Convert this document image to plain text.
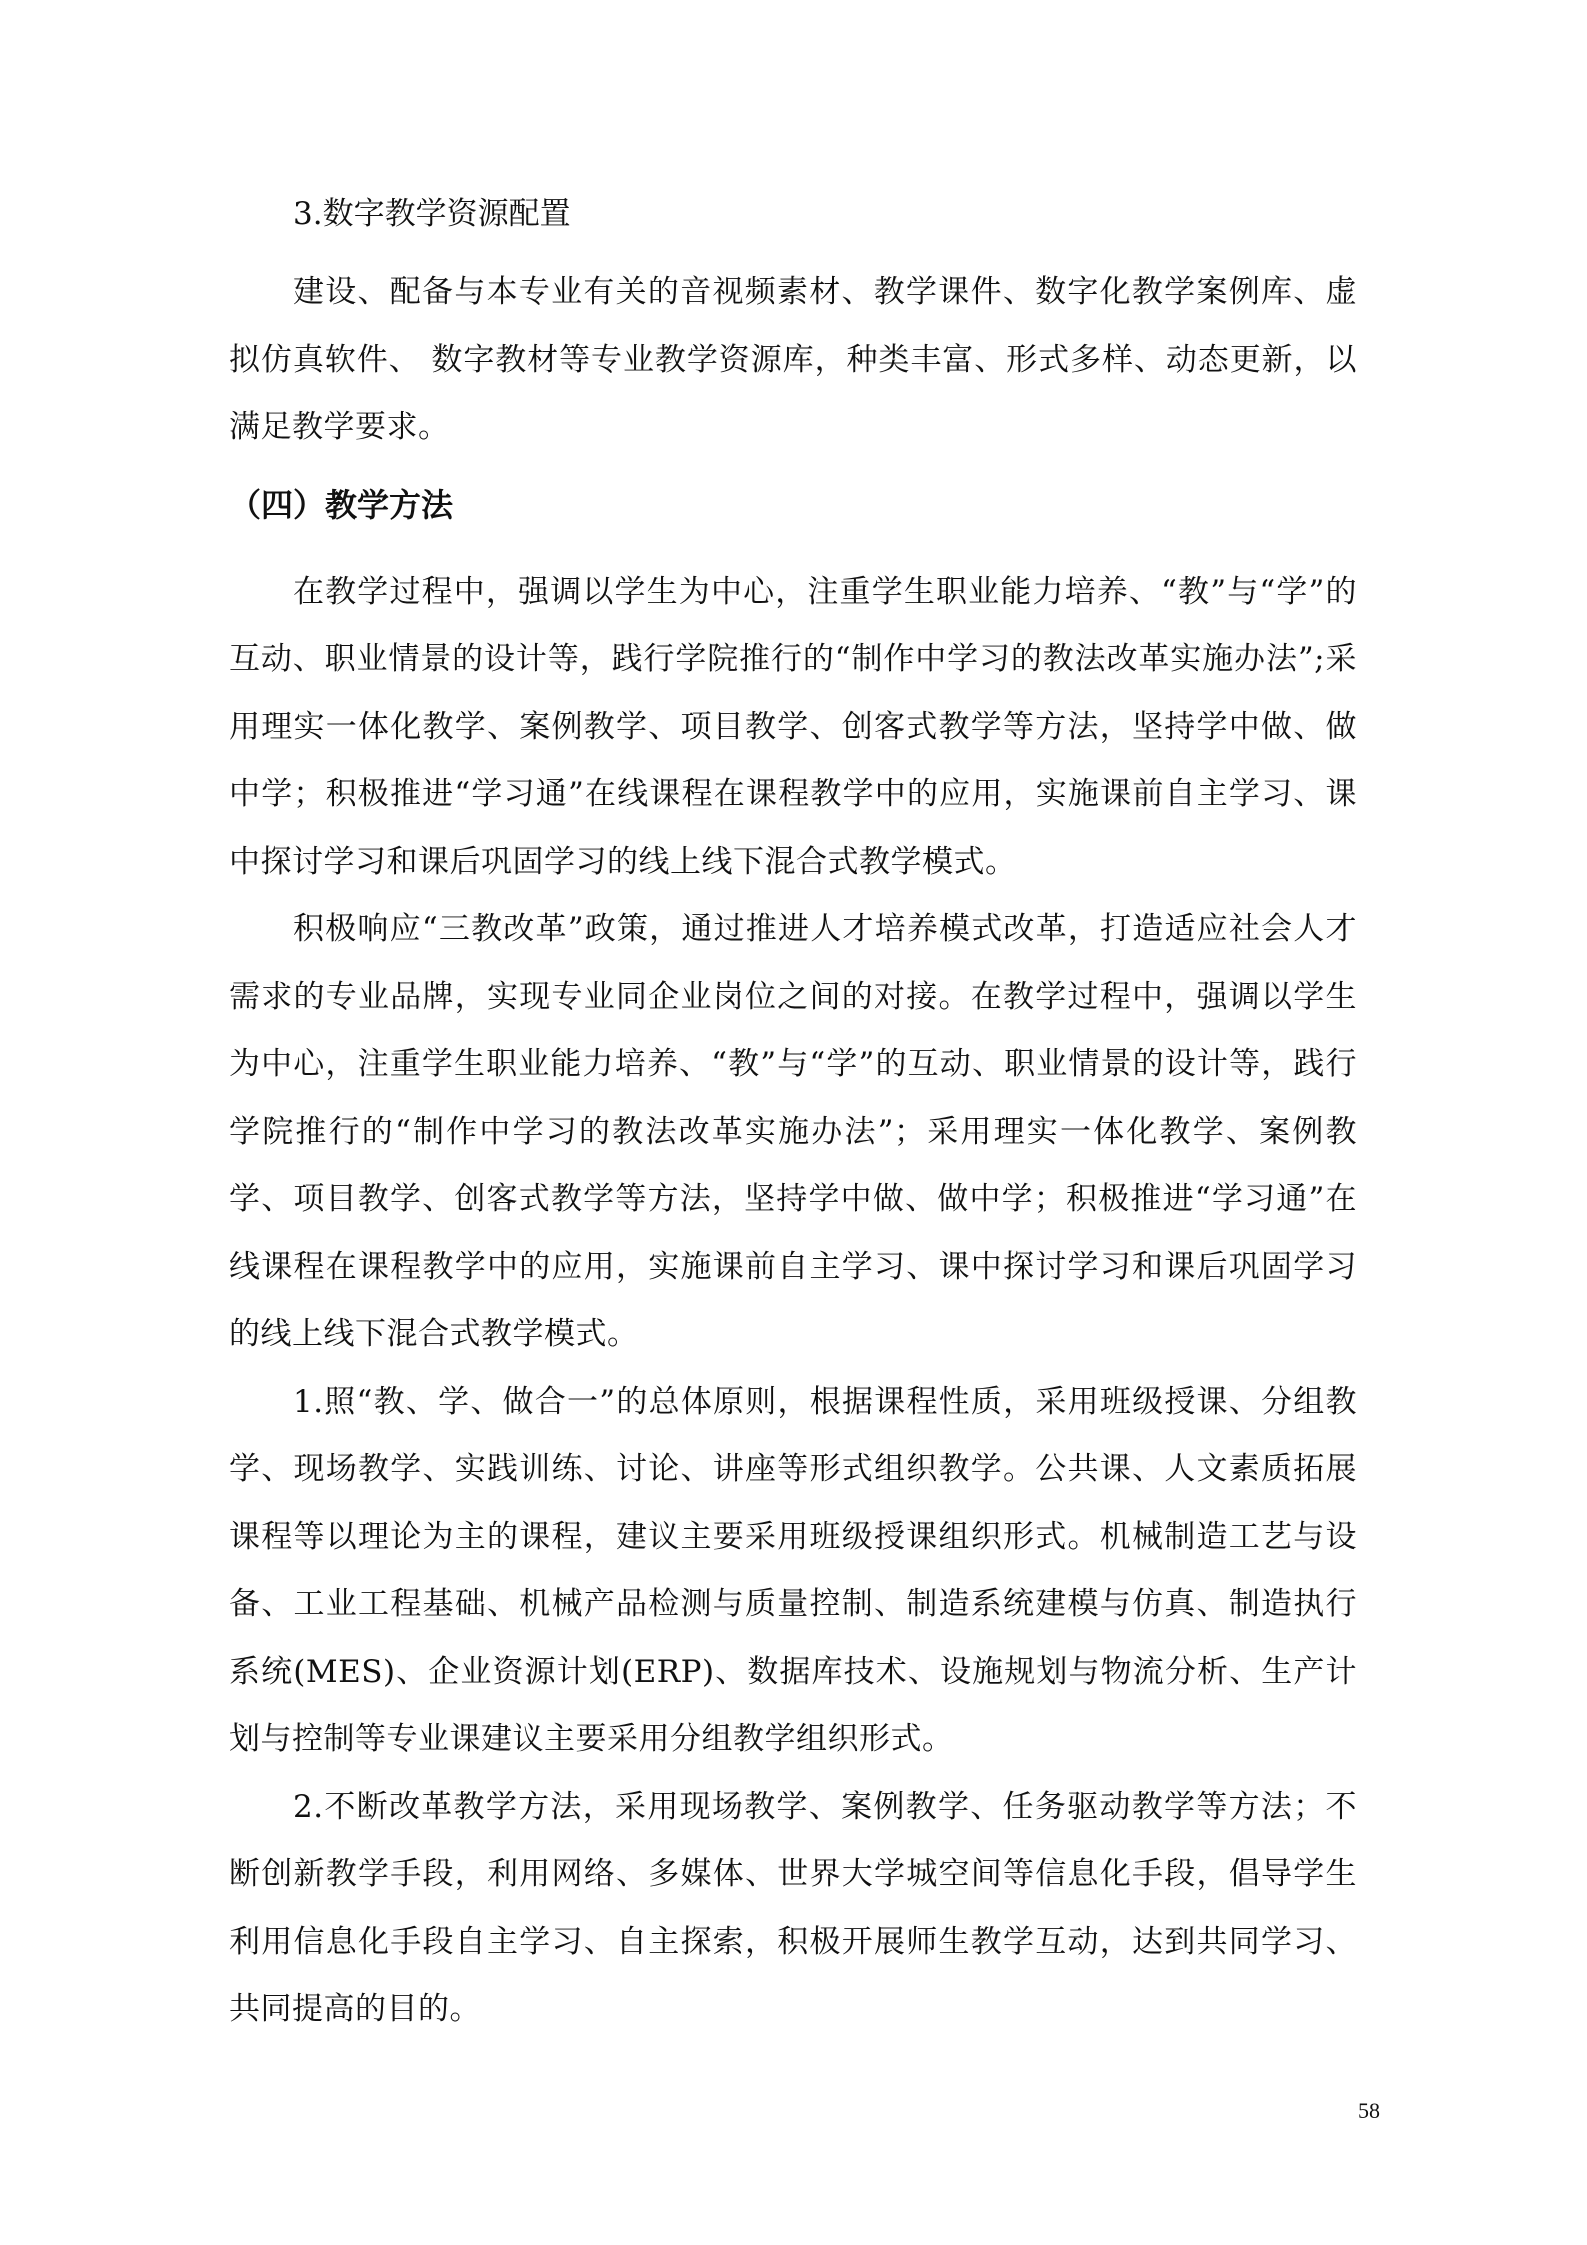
3.数字教学资源配置

建设、配备与本专业有关的音视频素材、教学课件、数字化教学案例库、虚拟仿真软件、 数字教材等专业教学资源库，种类丰富、形式多样、动态更新，以满足教学要求。

（四）教学方法

在教学过程中，强调以学生为中心，注重学生职业能力培养、“教”与“学”的互动、职业情景的设计等，践行学院推行的“制作中学习的教法改革实施办法”;采用理实一体化教学、案例教学、项目教学、创客式教学等方法，坚持学中做、做中学；积极推进“学习通”在线课程在课程教学中的应用，实施课前自主学习、课中探讨学习和课后巩固学习的线上线下混合式教学模式。

积极响应“三教改革”政策，通过推进人才培养模式改革，打造适应社会人才需求的专业品牌，实现专业同企业岗位之间的对接。在教学过程中，强调以学生为中心，注重学生职业能力培养、“教”与“学”的互动、职业情景的设计等，践行学院推行的“制作中学习的教法改革实施办法”；采用理实一体化教学、案例教学、项目教学、创客式教学等方法，坚持学中做、做中学；积极推进“学习通”在线课程在课程教学中的应用，实施课前自主学习、课中探讨学习和课后巩固学习的线上线下混合式教学模式。

1.照“教、学、做合一”的总体原则，根据课程性质，采用班级授课、分组教学、现场教学、实践训练、讨论、讲座等形式组织教学。公共课、人文素质拓展课程等以理论为主的课程，建议主要采用班级授课组织形式。机械制造工艺与设备、工业工程基础、机械产品检测与质量控制、制造系统建模与仿真、制造执行系统(MES)、企业资源计划(ERP)、数据库技术、设施规划与物流分析、生产计划与控制等专业课建议主要采用分组教学组织形式。

2.不断改革教学方法，采用现场教学、案例教学、任务驱动教学等方法；不断创新教学手段，利用网络、多媒体、世界大学城空间等信息化手段，倡导学生利用信息化手段自主学习、自主探索，积极开展师生教学互动，达到共同学习、共同提高的目的。

58
